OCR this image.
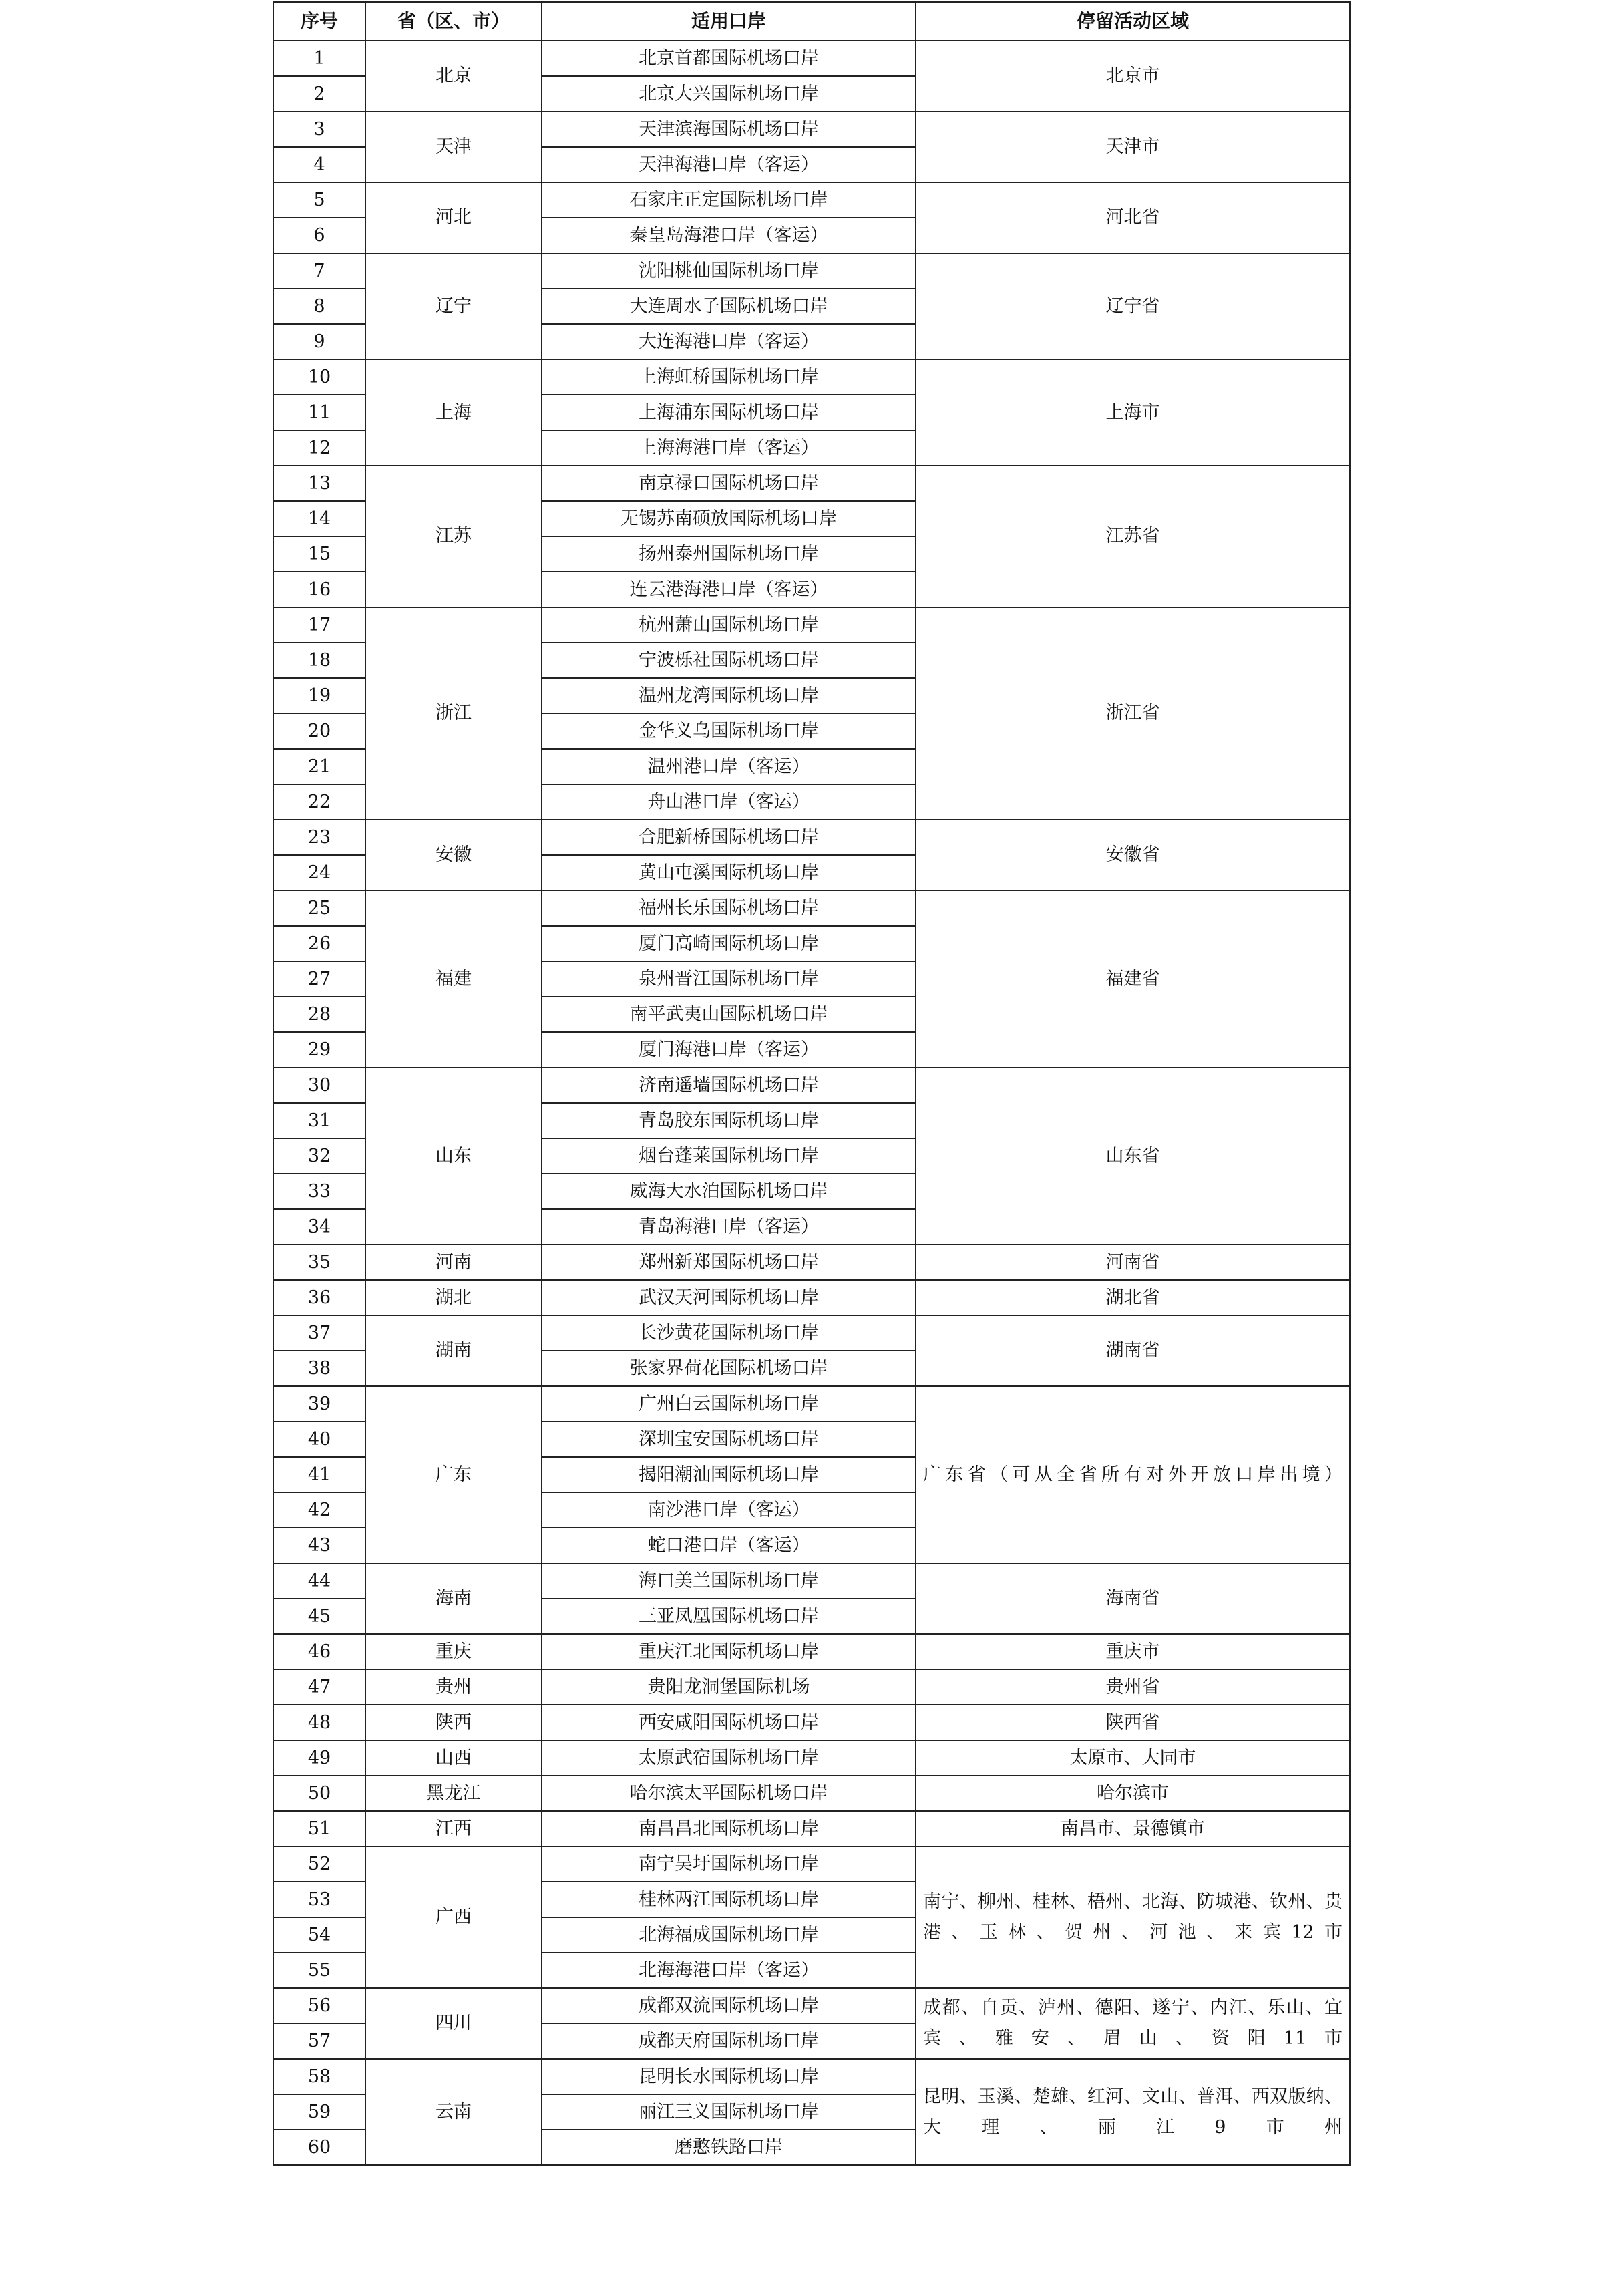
序号	省（区、市）	适用口岸	停留活动区域
1	北京	北京首都国际机场口岸	北京市
2		北京大兴国际机场口岸	
3	天津	天津滨海国际机场口岸	天津市
4		天津海港口岸（客运）	
5	河北	石家庄正定国际机场口岸	河北省
6		秦皇岛海港口岸（客运）	
7	辽宁	沈阳桃仙国际机场口岸	辽宁省
8		大连周水子国际机场口岸	
9		大连海港口岸（客运）	
10	上海	上海虹桥国际机场口岸	上海市
11		上海浦东国际机场口岸	
12		上海海港口岸（客运）	
13	江苏	南京禄口国际机场口岸	江苏省
14		无锡苏南硕放国际机场口岸	
15		扬州泰州国际机场口岸	
16		连云港海港口岸（客运）	
17	浙江	杭州萧山国际机场口岸	浙江省
18		宁波栎社国际机场口岸	
19		温州龙湾国际机场口岸	
20		金华义乌国际机场口岸	
21		温州港口岸（客运）	
22		舟山港口岸（客运）	
23	安徽	合肥新桥国际机场口岸	安徽省
24		黄山屯溪国际机场口岸	
25	福建	福州长乐国际机场口岸	福建省
26		厦门高崎国际机场口岸	
27		泉州晋江国际机场口岸	
28		南平武夷山国际机场口岸	
29		厦门海港口岸（客运）	
30	山东	济南遥墙国际机场口岸	山东省
31		青岛胶东国际机场口岸	
32		烟台蓬莱国际机场口岸	
33		威海大水泊国际机场口岸	
34		青岛海港口岸（客运）	
35	河南	郑州新郑国际机场口岸	河南省
36	湖北	武汉天河国际机场口岸	湖北省
37	湖南	长沙黄花国际机场口岸	湖南省
38		张家界荷花国际机场口岸	
39	广东	广州白云国际机场口岸	广东省（可从全省所有对外开放口岸出境）
40		深圳宝安国际机场口岸	
41		揭阳潮汕国际机场口岸	
42		南沙港口岸（客运）	
43		蛇口港口岸（客运）	
44	海南	海口美兰国际机场口岸	海南省
45		三亚凤凰国际机场口岸	
46	重庆	重庆江北国际机场口岸	重庆市
47	贵州	贵阳龙洞堡国际机场	贵州省
48	陕西	西安咸阳国际机场口岸	陕西省
49	山西	太原武宿国际机场口岸	太原市、大同市
50	黑龙江	哈尔滨太平国际机场口岸	哈尔滨市
51	江西	南昌昌北国际机场口岸	南昌市、景德镇市
52	广西	南宁吴圩国际机场口岸	南宁、柳州、桂林、梧州、北海、防城港、钦州、贵港、玉林、贺州、河池、来宾12市
53		桂林两江国际机场口岸	
54		北海福成国际机场口岸	
55		北海海港口岸（客运）	
56	四川	成都双流国际机场口岸	成都、自贡、泸州、德阳、遂宁、内江、乐山、宜宾、雅安、眉山、资阳11市
57		成都天府国际机场口岸	
58	云南	昆明长水国际机场口岸	昆明、玉溪、楚雄、红河、文山、普洱、西双版纳、大理、丽江9市州
59		丽江三义国际机场口岸	
60		磨憨铁路口岸	
